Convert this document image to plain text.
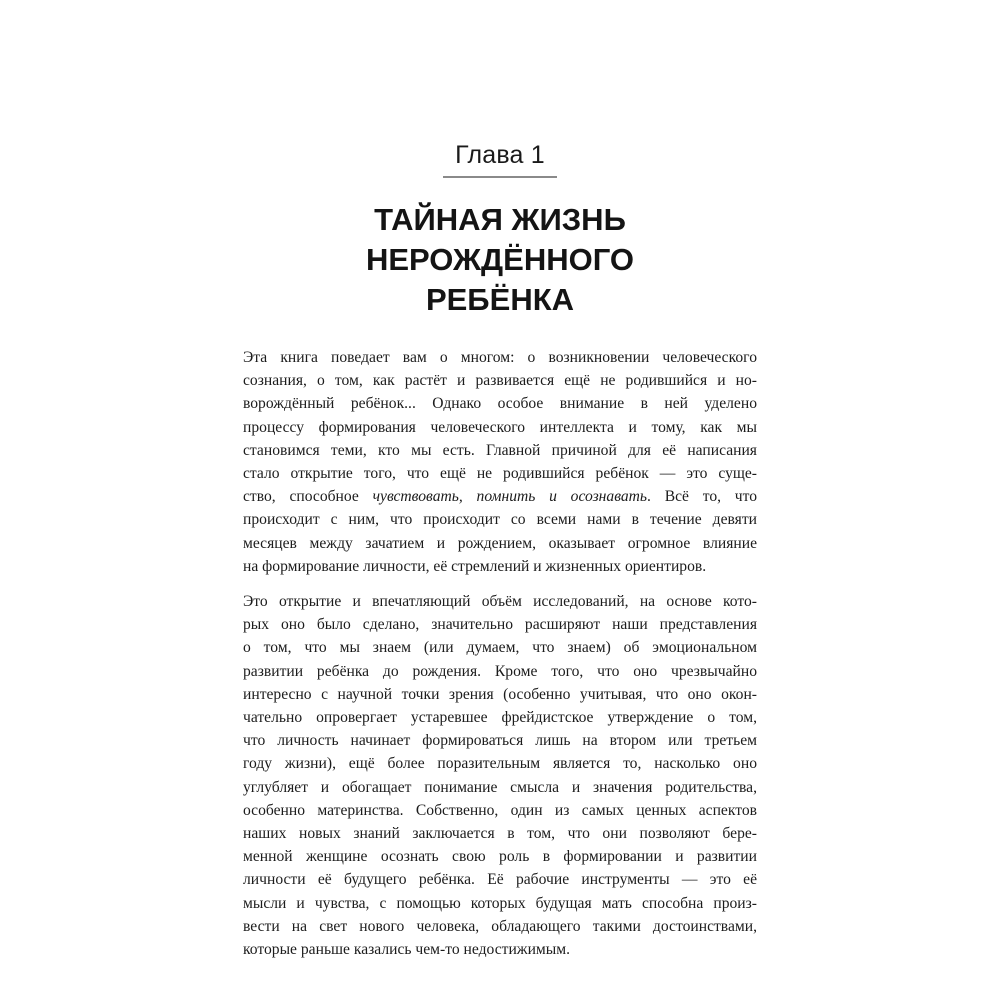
Глава 1
ТАЙНАЯ ЖИЗНЬ
НЕРОЖДЁННОГО
РЕБЁНКА

Эта книга поведает вам о многом: о возникновении человеческого
сознания, о том, как растёт и развивается ещё не родившийся и но-
ворождённый ребёнок... Однако особое внимание в ней уделено
процессу формирования человеческого интеллекта и тому, как мы
становимся теми, кто мы есть. Главной причиной для её написания
стало открытие того, что ещё не родившийся ребёнок — это суще-
ство, способное чувствовать, помнить и осознавать. Всё то, что
происходит с ним, что происходит со всеми нами в течение девяти
месяцев между зачатием и рождением, оказывает огромное влияние
на формирование личности, её стремлений и жизненных ориентиров.

Это открытие и впечатляющий объём исследований, на основе кото-
рых оно было сделано, значительно расширяют наши представления
о том, что мы знаем (или думаем, что знаем) об эмоциональном
развитии ребёнка до рождения. Кроме того, что оно чрезвычайно
интересно с научной точки зрения (особенно учитывая, что оно окон-
чательно опровергает устаревшее фрейдистское утверждение о том,
что личность начинает формироваться лишь на втором или третьем
году жизни), ещё более поразительным является то, насколько оно
углубляет и обогащает понимание смысла и значения родительства,
особенно материнства. Собственно, один из самых ценных аспектов
наших новых знаний заключается в том, что они позволяют бере-
менной женщине осознать свою роль в формировании и развитии
личности её будущего ребёнка. Её рабочие инструменты — это её
мысли и чувства, с помощью которых будущая мать способна произ-
вести на свет нового человека, обладающего такими достоинствами,
которые раньше казались чем-то недостижимым.
